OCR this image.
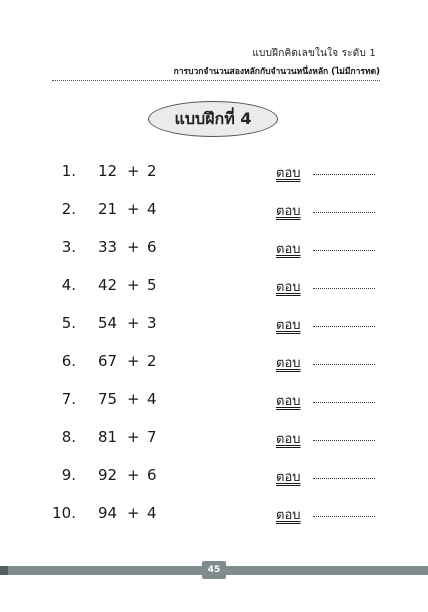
แบบฝึกคิดเลขในใจ ระดับ 1
การบวกจำนวนสองหลักกับจำนวนหนึ่งหลัก (ไม่มีการทด)
แบบฝึกที่ 4
1. 12 + 2	ตอบ
2. 21 + 4	ตอบ
3. 33 + 6	ตอบ
4. 42 + 5	ตอบ
5. 54 + 3	ตอบ
6. 67 + 2	ตอบ
7. 75 + 4	ตอบ
8. 81 + 7	ตอบ
9. 92 + 6	ตอบ
10. 94 + 4	ตอบ
45
